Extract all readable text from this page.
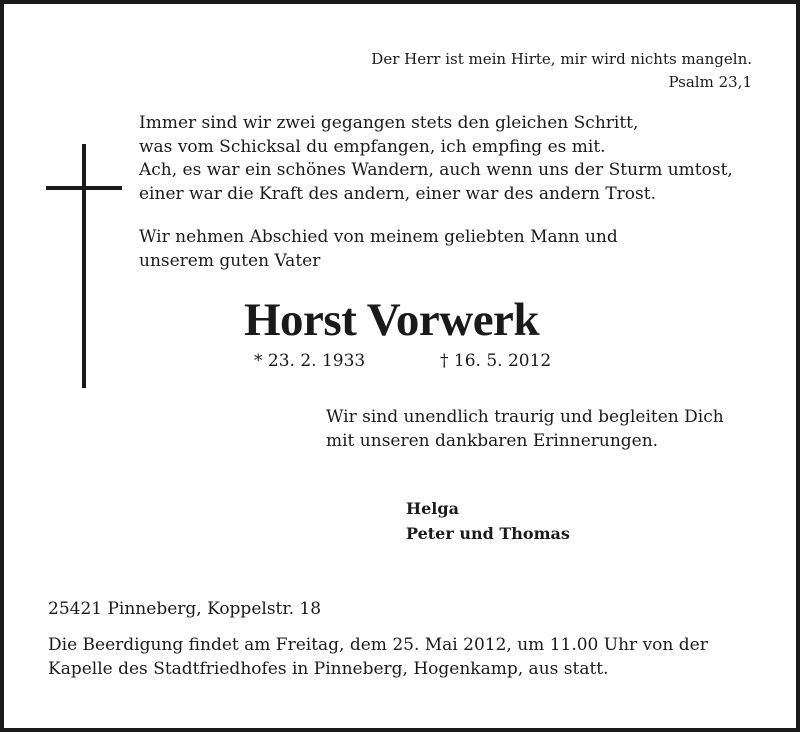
Der Herr ist mein Hirte, mir wird nichts mangeln.
Psalm 23,1
Immer sind wir zwei gegangen stets den gleichen Schritt,
was vom Schicksal du empfangen, ich empfing es mit.
Ach, es war ein schönes Wandern, auch wenn uns der Sturm umtost,
einer war die Kraft des andern, einer war des andern Trost.
Wir nehmen Abschied von meinem geliebten Mann und
unserem guten Vater
Horst Vorwerk
* 23. 2. 1933	† 16. 5. 2012
Wir sind unendlich traurig und begleiten Dich
mit unseren dankbaren Erinnerungen.
Helga
Peter und Thomas
25421 Pinneberg, Koppelstr. 18
Die Beerdigung findet am Freitag, dem 25. Mai 2012, um 11.00 Uhr von der
Kapelle des Stadtfriedhofes in Pinneberg, Hogenkamp, aus statt.
